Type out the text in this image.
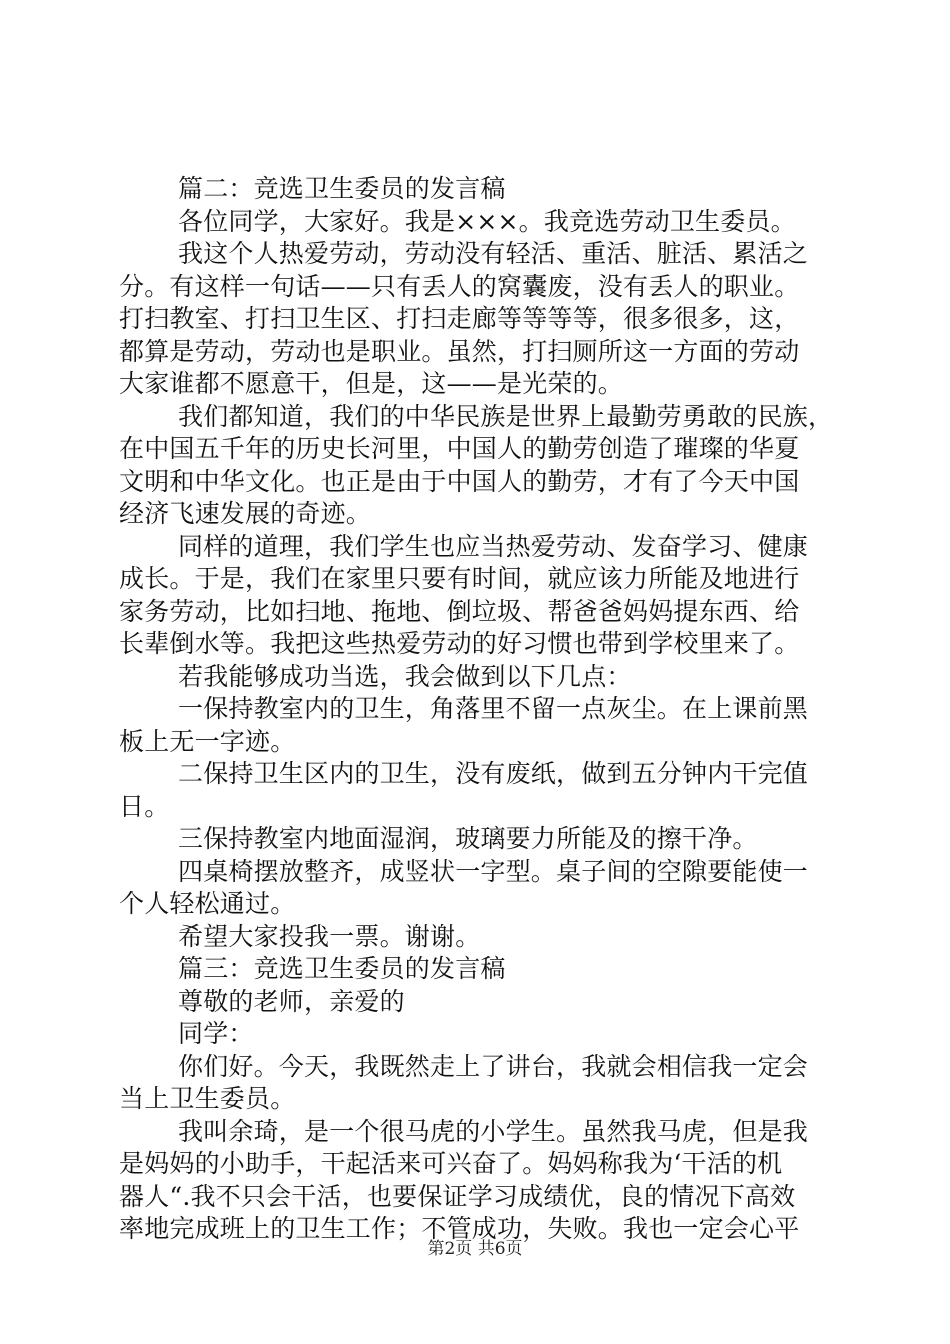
篇二：竞选卫生委员的发言稿
各位同学，大家好。我是×××。我竞选劳动卫生委员。
我这个人热爱劳动，劳动没有轻活、重活、脏活、累活之
分。有这样一句话——只有丢人的窝囊废，没有丢人的职业。
打扫教室、打扫卫生区、打扫走廊等等等等，很多很多，这，
都算是劳动，劳动也是职业。虽然，打扫厕所这一方面的劳动
大家谁都不愿意干，但是，这——是光荣的。
我们都知道，我们的中华民族是世界上最勤劳勇敢的民族，
在中国五千年的历史长河里，中国人的勤劳创造了璀璨的华夏
文明和中华文化。也正是由于中国人的勤劳，才有了今天中国
经济飞速发展的奇迹。
同样的道理，我们学生也应当热爱劳动、发奋学习、健康
成长。于是，我们在家里只要有时间，就应该力所能及地进行
家务劳动，比如扫地、拖地、倒垃圾、帮爸爸妈妈提东西、给
长辈倒水等。我把这些热爱劳动的好习惯也带到学校里来了。
若我能够成功当选，我会做到以下几点：
一保持教室内的卫生，角落里不留一点灰尘。在上课前黑
板上无一字迹。
二保持卫生区内的卫生，没有废纸，做到五分钟内干完值
日。
三保持教室内地面湿润，玻璃要力所能及的擦干净。
四桌椅摆放整齐，成竖状一字型。桌子间的空隙要能使一
个人轻松通过。
希望大家投我一票。谢谢。
篇三：竞选卫生委员的发言稿
尊敬的老师，亲爱的
同学：
你们好。今天，我既然走上了讲台，我就会相信我一定会
当上卫生委员。
我叫余琦，是一个很马虎的小学生。虽然我马虎，但是我
是妈妈的小助手，干起活来可兴奋了。妈妈称我为‘干活的机
器人“.我不只会干活，也要保证学习成绩优，良的情况下高效
率地完成班上的卫生工作；不管成功，失败。我也一定会心平
第2页 共6页
